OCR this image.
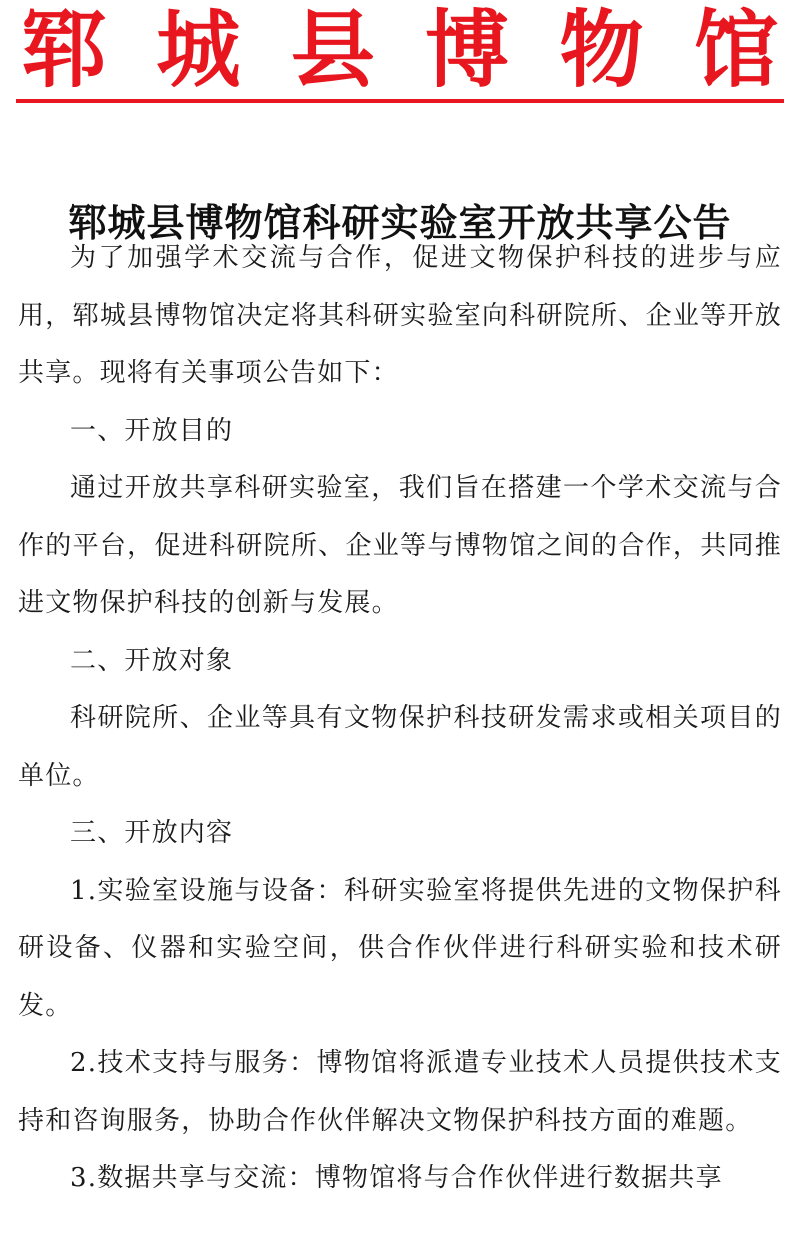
郓 城 县 博 物 馆
郓城县博物馆科研实验室开放共享公告

为了加强学术交流与合作，促进文物保护科技的进步与应用，郓城县博物馆决定将其科研实验室向科研院所、企业等开放共享。现将有关事项公告如下：

一、开放目的

通过开放共享科研实验室，我们旨在搭建一个学术交流与合作的平台，促进科研院所、企业等与博物馆之间的合作，共同推进文物保护科技的创新与发展。

二、开放对象

科研院所、企业等具有文物保护科技研发需求或相关项目的单位。

三、开放内容

1.实验室设施与设备：科研实验室将提供先进的文物保护科研设备、仪器和实验空间，供合作伙伴进行科研实验和技术研发。

2.技术支持与服务：博物馆将派遣专业技术人员提供技术支持和咨询服务，协助合作伙伴解决文物保护科技方面的难题。

3.数据共享与交流：博物馆将与合作伙伴进行数据共享
